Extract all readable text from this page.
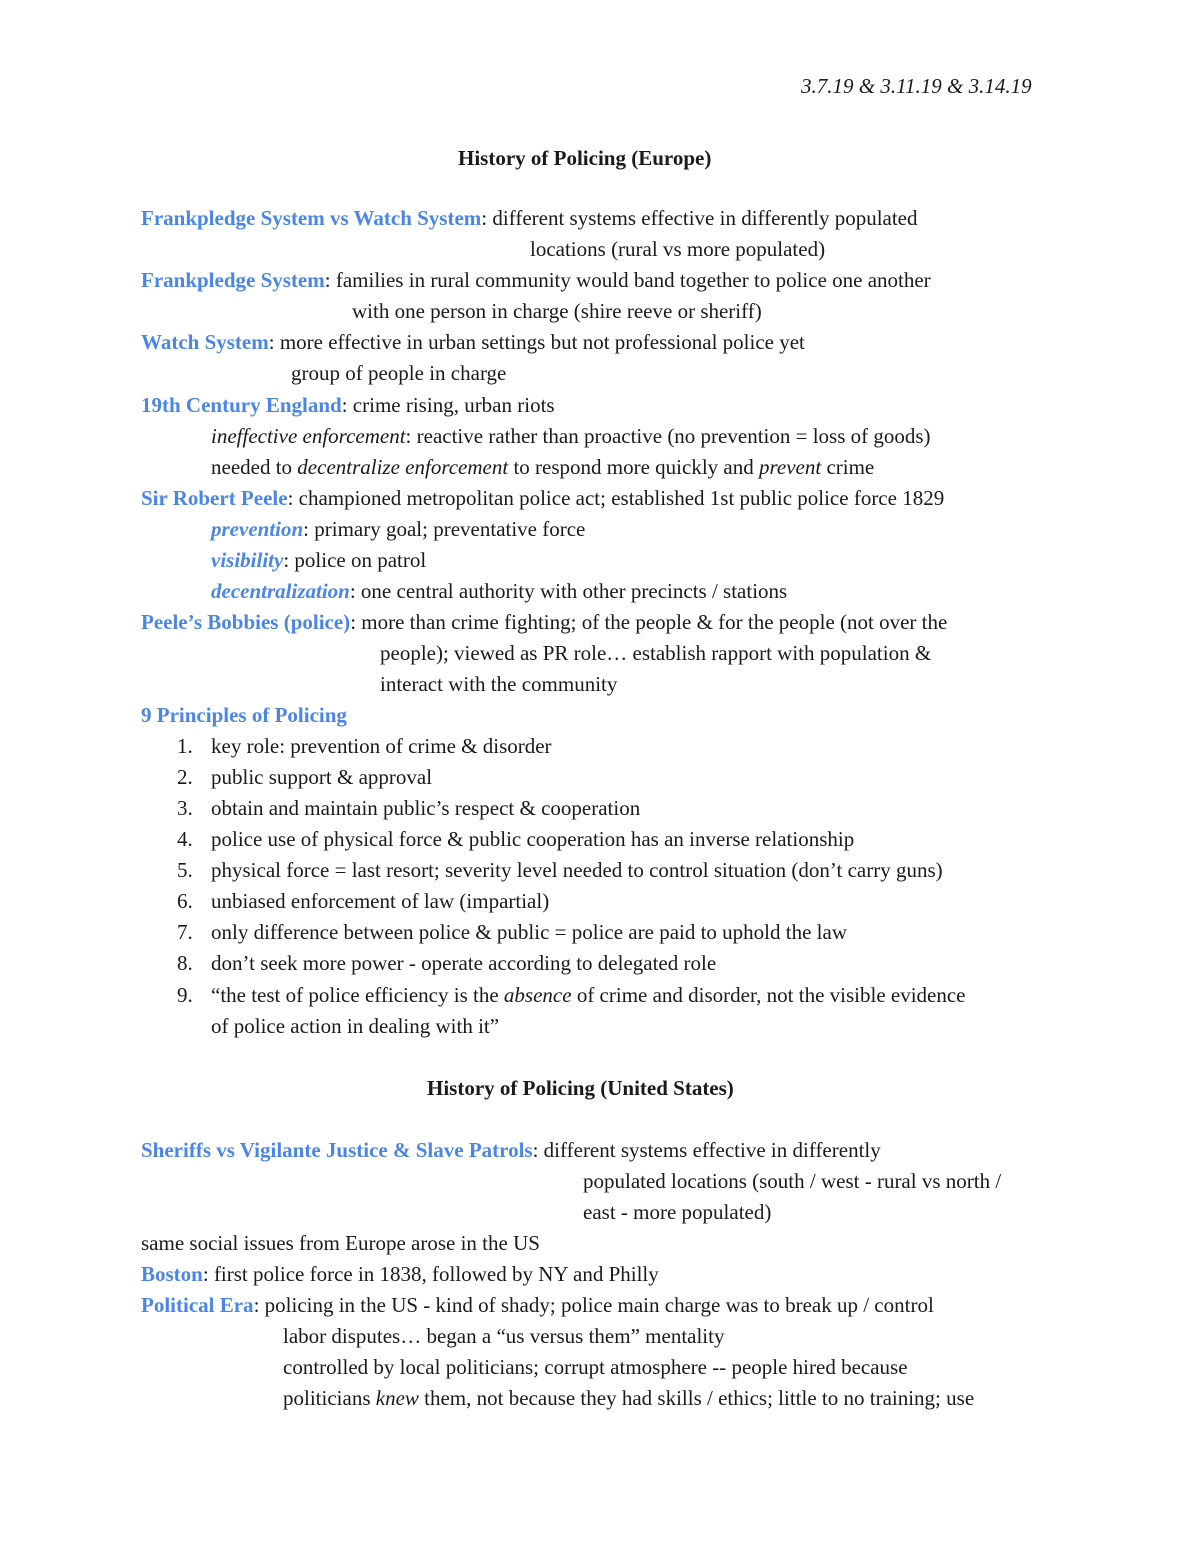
3.7.19 & 3.11.19 & 3.14.19
History of Policing (Europe)
Frankpledge System vs Watch System: different systems effective in differently populated
locations (rural vs more populated)
Frankpledge System: families in rural community would band together to police one another
with one person in charge (shire reeve or sheriff)
Watch System: more effective in urban settings but not professional police yet
group of people in charge
19th Century England: crime rising, urban riots
ineffective enforcement: reactive rather than proactive (no prevention = loss of goods)
needed to decentralize enforcement to respond more quickly and prevent crime
Sir Robert Peele: championed metropolitan police act; established 1st public police force 1829
prevention: primary goal; preventative force
visibility: police on patrol
decentralization: one central authority with other precincts / stations
Peele’s Bobbies (police): more than crime fighting; of the people & for the people (not over the
people); viewed as PR role… establish rapport with population &
interact with the community
9 Principles of Policing
1. key role: prevention of crime & disorder
2. public support & approval
3. obtain and maintain public’s respect & cooperation
4. police use of physical force & public cooperation has an inverse relationship
5. physical force = last resort; severity level needed to control situation (don’t carry guns)
6. unbiased enforcement of law (impartial)
7. only difference between police & public = police are paid to uphold the law
8. don’t seek more power - operate according to delegated role
9. “the test of police efficiency is the absence of crime and disorder, not the visible evidence
of police action in dealing with it”
History of Policing (United States)
Sheriffs vs Vigilante Justice & Slave Patrols: different systems effective in differently
populated locations (south / west - rural vs north /
east - more populated)
same social issues from Europe arose in the US
Boston: first police force in 1838, followed by NY and Philly
Political Era: policing in the US - kind of shady; police main charge was to break up / control
labor disputes… began a “us versus them” mentality
controlled by local politicians; corrupt atmosphere -- people hired because
politicians knew them, not because they had skills / ethics; little to no training; use
